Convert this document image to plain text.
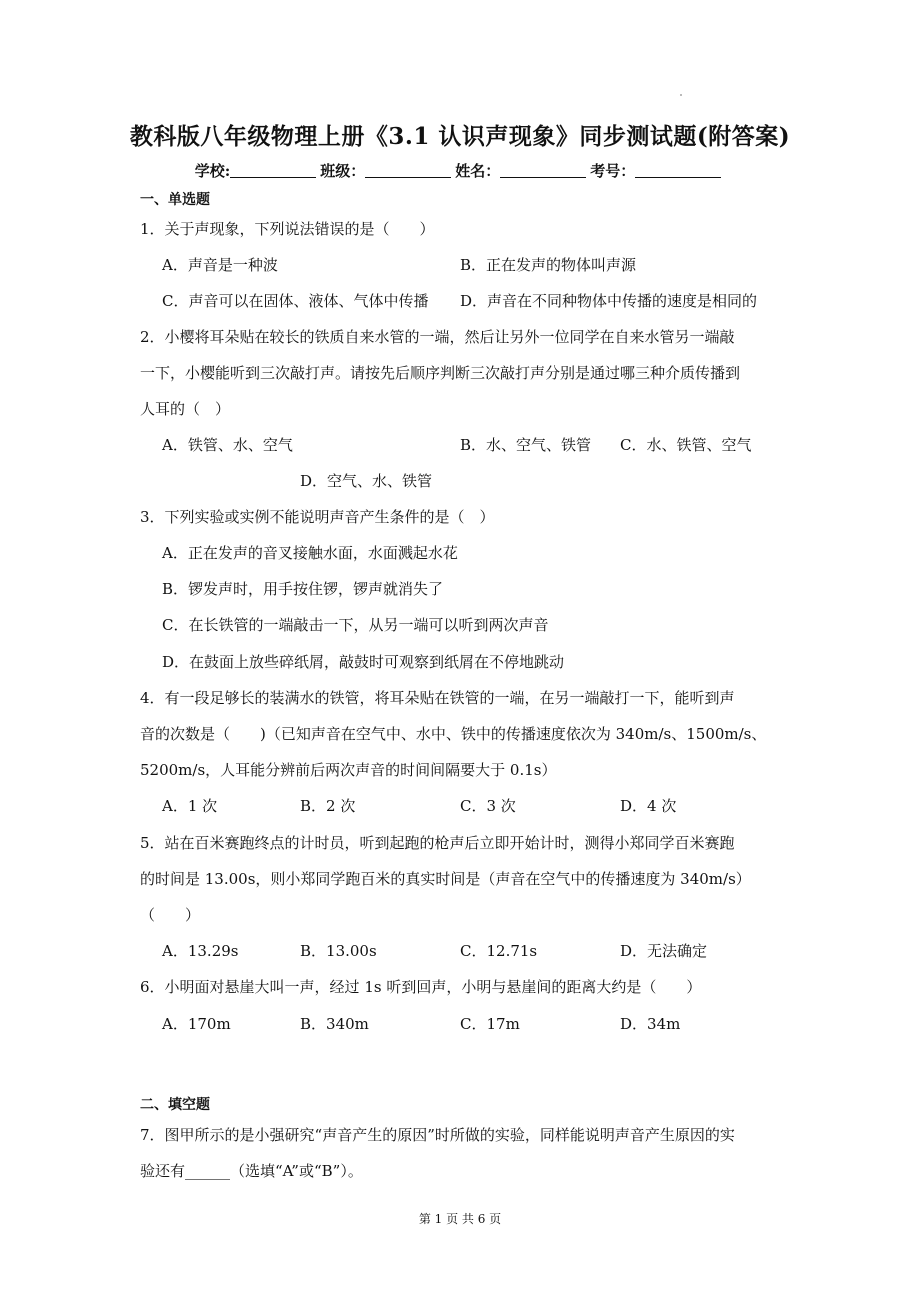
教科版八年级物理上册《3.1 认识声现象》同步测试题(附答案)
学校:	班级：	姓名：	考号：
一、单选题
1．关于声现象，下列说法错误的是（　　）
A．声音是一种波	B．正在发声的物体叫声源
C．声音可以在固体、液体、气体中传播 D．声音在不同种物体中传播的速度是相同的
2．小樱将耳朵贴在较长的铁质自来水管的一端，然后让另外一位同学在自来水管另一端敲
一下，小樱能听到三次敲打声。请按先后顺序判断三次敲打声分别是通过哪三种介质传播到
人耳的（　）
A．铁管、水、空气	B．水、空气、铁管 C．水、铁管、空气
D．空气、水、铁管
3．下列实验或实例不能说明声音产生条件的是（　）
A．正在发声的音叉接触水面，水面溅起水花
B．锣发声时，用手按住锣，锣声就消失了
C．在长铁管的一端敲击一下，从另一端可以听到两次声音
D．在鼓面上放些碎纸屑，敲鼓时可观察到纸屑在不停地跳动
4．有一段足够长的装满水的铁管，将耳朵贴在铁管的一端，在另一端敲打一下，能听到声
音的次数是（　　)（已知声音在空气中、水中、铁中的传播速度依次为 340m/s、1500m/s、
5200m/s，人耳能分辨前后两次声音的时间间隔要大于 0.1s）
A．1 次	B．2 次	C．3 次	D．4 次
5．站在百米赛跑终点的计时员，听到起跑的枪声后立即开始计时，测得小郑同学百米赛跑
的时间是 13.00s，则小郑同学跑百米的真实时间是（声音在空气中的传播速度为 340m/s）
（　　）
A．13.29s	B．13.00s	C．12.71s	D．无法确定
6．小明面对悬崖大叫一声，经过 1s 听到回声，小明与悬崖间的距离大约是（　　）
A．170m	B．340m	C．17m	D．34m
二、填空题
7．图甲所示的是小强研究“声音产生的原因”时所做的实验，同样能说明声音产生原因的实
验还有______（选填“A”或“B”）。
第 1 页 共 6 页
